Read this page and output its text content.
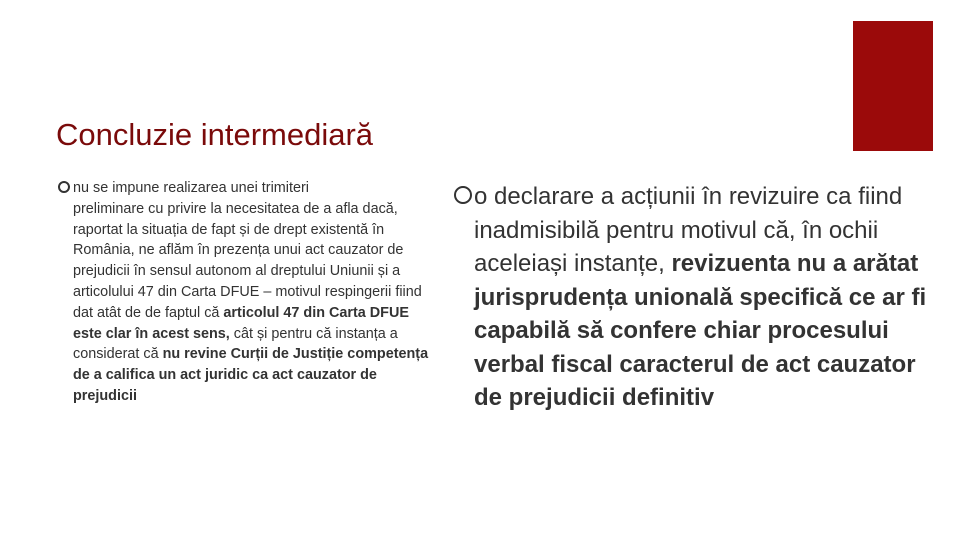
Concluzie intermediară
nu se impune realizarea unei trimiteri
preliminare cu privire la necesitatea de a afla dacă, raportat la situația de fapt și de drept existentă în România, ne aflăm în prezența unui act cauzator de prejudicii în sensul autonom al dreptului Uniunii și a articolului 47 din Carta DFUE – motivul respingerii fiind dat atât de de faptul că articolul 47 din Carta DFUE este clar în acest sens, cât și pentru că instanța a considerat că nu revine Curții de Justiție competența de a califica un act juridic ca act cauzator de prejudicii
o declarare a acțiunii în revizuire ca fiind inadmisibilă pentru motivul că, în ochii aceleiași instanțe, revizuenta nu a arătat jurisprudența unională specifică ce ar fi capabilă să confere chiar procesului verbal fiscal caracterul de act cauzator de prejudicii definitiv
